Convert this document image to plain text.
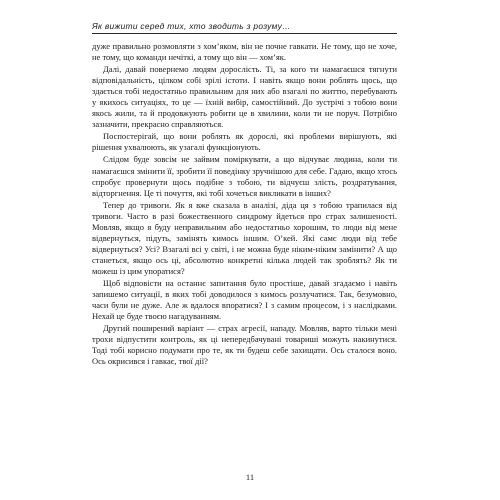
Як вижити серед тих, хто зводить з розуму…

дуже правильно розмовляти з хом’яком, він не почне гавкати. Не тому, що не хоче, не тому, що команди нечіткі, а тому що він — хом’як.

Далі, давай повернемо людям дорослість. Ті, за кого ти намагаєшся тягнути відповідальність, цілком собі зрілі істоти. І навіть якщо вони роблять щось, що здається тобі недостатньо правильним для них або взагалі по життю, перебувають у якихось ситуаціях, то це — їхній вибір, самостійний. До зустрічі з тобою вони якось жили, та й продовжують робити це в хвилини, коли ти не поруч. Потрібно зазначити, прекрасно справляються.

Поспостерігай, що вони роблять як дорослі, які проблеми вирішують, які рішення ухвалюють, як узагалі функціонують.

Слідом буде зовсім не зайвим поміркувати, а що відчуває людина, коли ти намагаєшся змінити її, зробити її поведінку зручнішою для себе. Гадаю, якщо хтось спробує провернути щось подібне з тобою, ти відчуєш злість, роздратування, відторгнення. Це ті почуття, які тобі хочеться викликати в інших?

Тепер до тривоги. Як я вже сказала в аналізі, діда ця з тобою трапилася від тривоги. Часто в разі божественного синдрому йдеться про страх залишеності. Мовляв, якщо я буду неправильним або недостатньо хорошим, то люди від мене відвернуться, підуть, замінять кимось іншим. О’кей. Які самє люди від тебе відвернуться? Усі? Взагалі всі у світі, і не можна буде ніким-ніким замінити? А що станеться, якщо ось ці, абсолютно конкретні кілька людей так зроблять? Як ти можеш із цим упоратися?

Щоб відповісти на останнє запитання було простіше, давай згадаємо і навіть запишемо ситуації, в яких тобі доводилося з кимось розлучатися. Так, безумовно, часи були не дуже. Але ж вдалося впоратися? І з самим процесом, і з наслідками. Нехай це буде твоєю нагадуванням.

Другий поширений варіант — страх агресії, нападу. Мовляв, варто тільки мені трохи відпустити контроль, як ці непередбачувані товариші можуть накинутися. Тоді тобі корисно подумати про те, як ти будеш себе захищати. Ось сталося воно. Ось окрисився і гавкає, твої дії?

11
